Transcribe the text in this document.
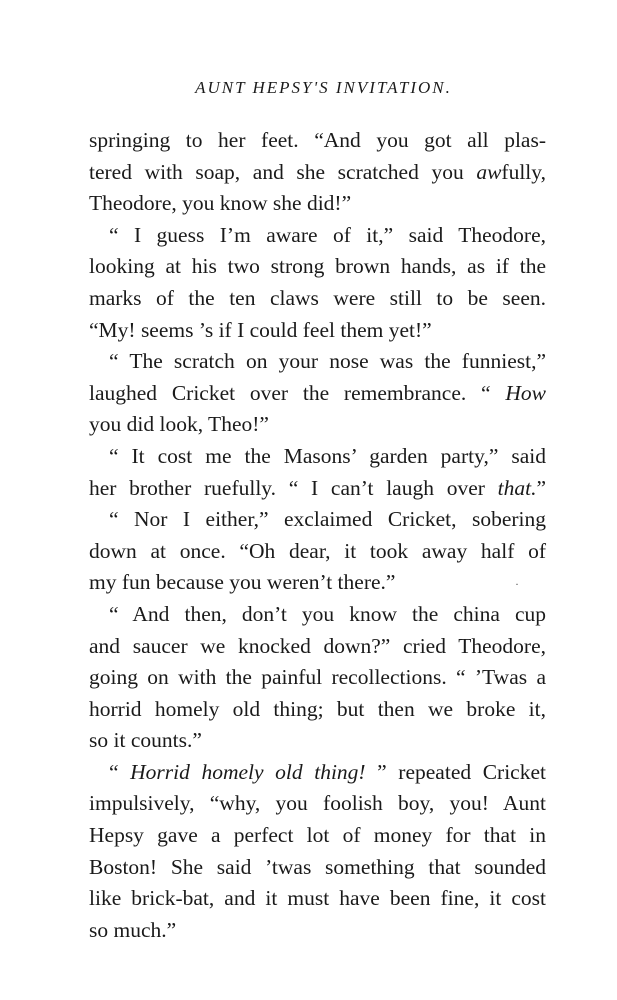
AUNT HEPSY'S INVITATION.
springing to her feet. “And you got all plas-
tered with soap, and she scratched you awfully,
Theodore, you know she did!”
“ I guess I’m aware of it,” said Theodore,
looking at his two strong brown hands, as if the
marks of the ten claws were still to be seen.
“My! seems ’s if I could feel them yet!”
“ The scratch on your nose was the funniest,”
laughed Cricket over the remembrance. “ How
you did look, Theo!”
“ It cost me the Masons’ garden party,” said
her brother ruefully. “ I can’t laugh over that.”
“ Nor I either,” exclaimed Cricket, sobering
down at once. “Oh dear, it took away half of
my fun because you weren’t there.”
“ And then, don’t you know the china cup
and saucer we knocked down?” cried Theodore,
going on with the painful recollections. “ ’Twas a
horrid homely old thing; but then we broke it,
so it counts.”
“ Horrid homely old thing! ” repeated Cricket
impulsively, “why, you foolish boy, you! Aunt
Hepsy gave a perfect lot of money for that in
Boston! She said ’twas something that sounded
like brick-bat, and it must have been fine, it cost
so much.”
·
